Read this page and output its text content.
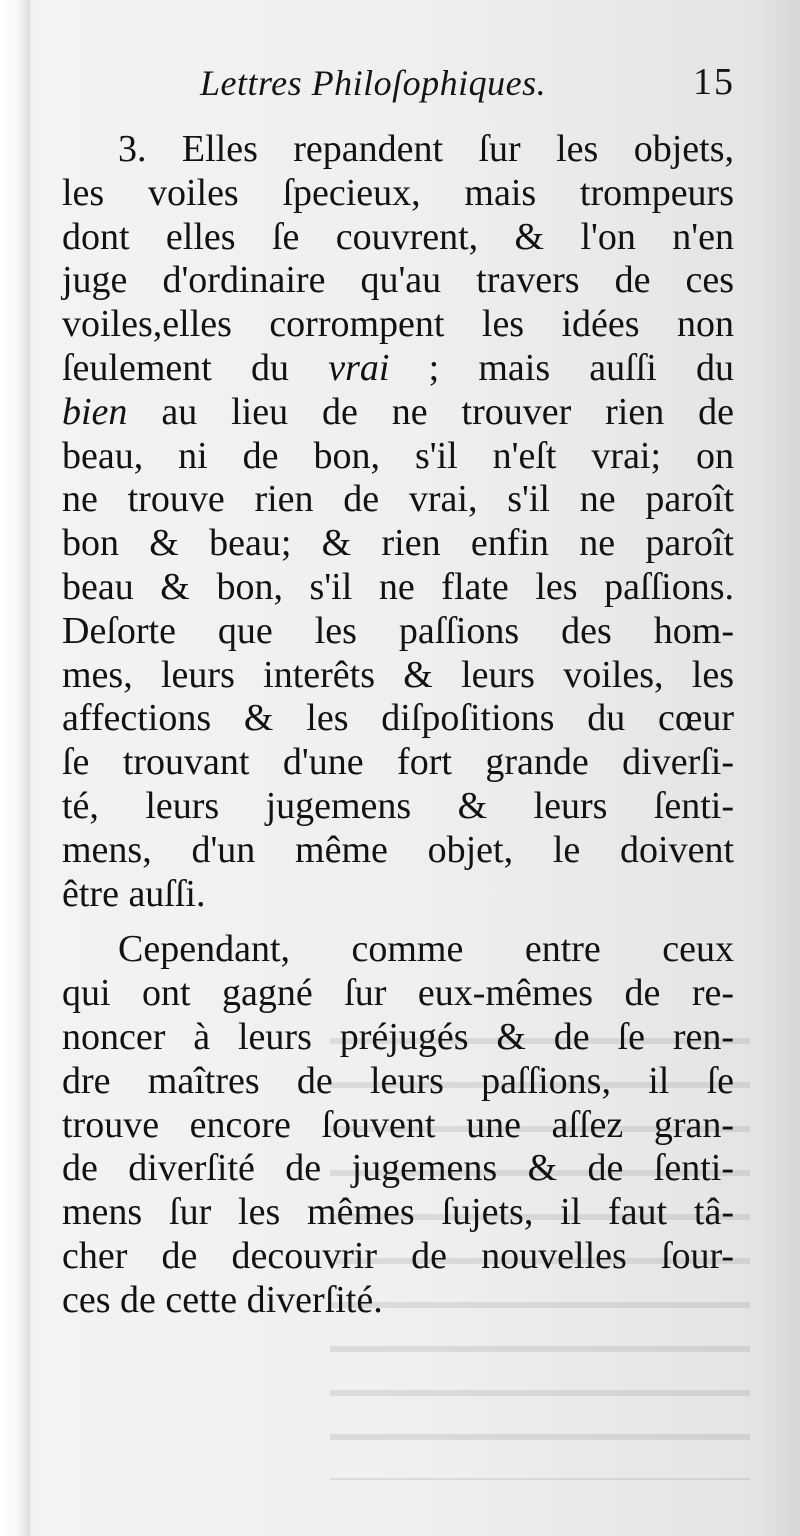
Lettres Philoſophiques.	15
3. Elles repandent ſur les objets,
les voiles ſpecieux, mais trompeurs
dont elles ſe couvrent, & l'on n'en
juge d'ordinaire qu'au travers de ces
voiles,elles corrompent les idées non
ſeulement du vrai ; mais auſſi du
bien au lieu de ne trouver rien de
beau, ni de bon, s'il n'eſt vrai; on
ne trouve rien de vrai, s'il ne paroît
bon & beau; & rien enfin ne paroît
beau & bon, s'il ne flate les paſſions.
Deſorte que les paſſions des hom-
mes, leurs interêts & leurs voiles, les
affections & les diſpoſitions du cœur
ſe trouvant d'une fort grande diverſi-
té, leurs jugemens & leurs ſenti-
mens, d'un même objet, le doivent
être auſſi.
Cependant, comme entre ceux
qui ont gagné ſur eux-mêmes de re-
noncer à leurs préjugés & de ſe ren-
dre maîtres de leurs paſſions, il ſe
trouve encore ſouvent une aſſez gran-
de diverſité de jugemens & de ſenti-
mens ſur les mêmes ſujets, il faut tâ-
cher de decouvrir de nouvelles ſour-
ces de cette diverſité.
